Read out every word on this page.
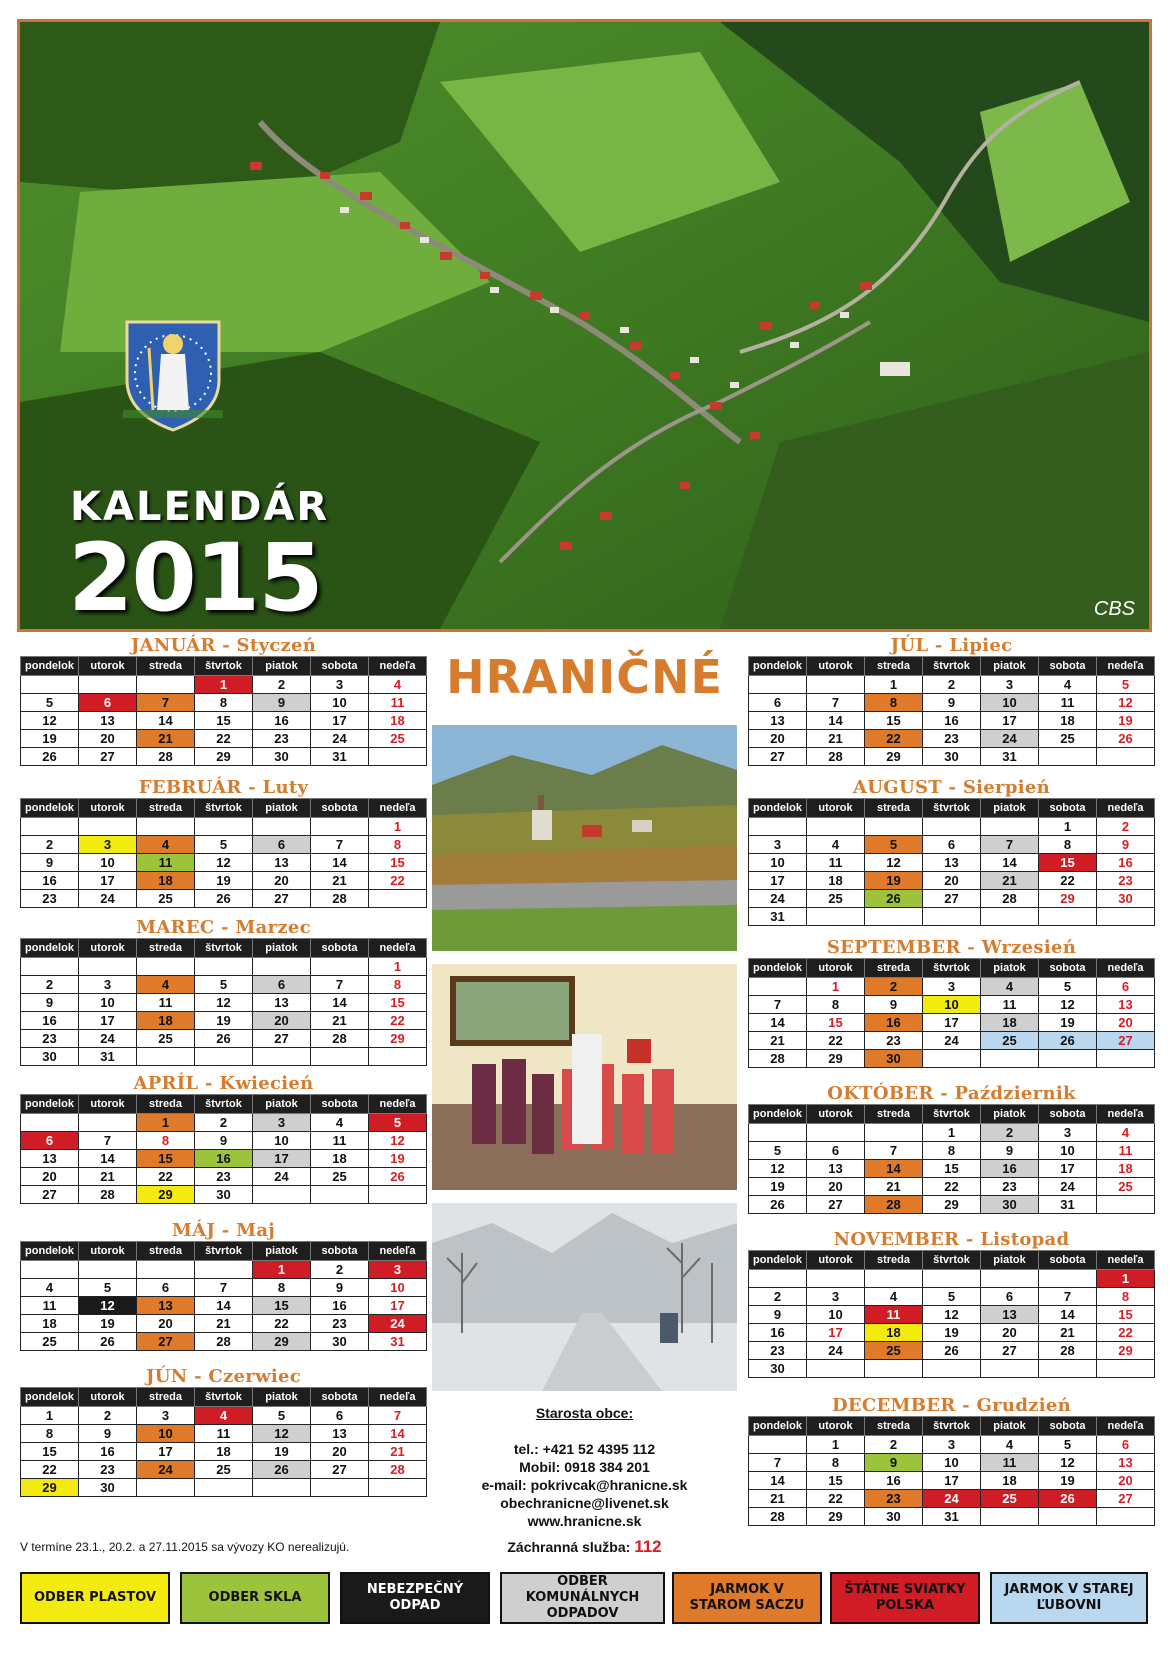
KALENDÁR
2015	CBS
HRANIČNÉ
Starosta obce:
tel.: +421 52 4395 112
Mobil: 0918 384 201
e-mail: pokrivcak@hranicne.sk
obechranicne@livenet.sk
www.hranicne.sk
Záchranná služba: 112
V termíne 23.1., 20.2. a 27.11.2015 sa vývozy KO nerealizujú.
JANUÁR - Styczeń
pondelok	utorok	streda	štvrtok	piatok	sobota	nedeľa
			1	2	3	4
5	6	7	8	9	10	11
12	13	14	15	16	17	18
19	20	21	22	23	24	25
26	27	28	29	30	31	
FEBRUÁR - Luty
pondelok	utorok	streda	štvrtok	piatok	sobota	nedeľa
						1
2	3	4	5	6	7	8
9	10	11	12	13	14	15
16	17	18	19	20	21	22
23	24	25	26	27	28	
MAREC - Marzec
pondelok	utorok	streda	štvrtok	piatok	sobota	nedeľa
						1
2	3	4	5	6	7	8
9	10	11	12	13	14	15
16	17	18	19	20	21	22
23	24	25	26	27	28	29
30	31					
APRÍL - Kwiecień
pondelok	utorok	streda	štvrtok	piatok	sobota	nedeľa
		1	2	3	4	5
6	7	8	9	10	11	12
13	14	15	16	17	18	19
20	21	22	23	24	25	26
27	28	29	30			
MÁJ - Maj
pondelok	utorok	streda	štvrtok	piatok	sobota	nedeľa
				1	2	3
4	5	6	7	8	9	10
11	12	13	14	15	16	17
18	19	20	21	22	23	24
25	26	27	28	29	30	31
JÚN - Czerwiec
pondelok	utorok	streda	štvrtok	piatok	sobota	nedeľa
1	2	3	4	5	6	7
8	9	10	11	12	13	14
15	16	17	18	19	20	21
22	23	24	25	26	27	28
29	30					
JÚL - Lipiec
pondelok	utorok	streda	štvrtok	piatok	sobota	nedeľa
		1	2	3	4	5
6	7	8	9	10	11	12
13	14	15	16	17	18	19
20	21	22	23	24	25	26
27	28	29	30	31		
AUGUST - Sierpień
pondelok	utorok	streda	štvrtok	piatok	sobota	nedeľa
					1	2
3	4	5	6	7	8	9
10	11	12	13	14	15	16
17	18	19	20	21	22	23
24	25	26	27	28	29	30
31						
SEPTEMBER - Wrzesień
pondelok	utorok	streda	štvrtok	piatok	sobota	nedeľa
	1	2	3	4	5	6
7	8	9	10	11	12	13
14	15	16	17	18	19	20
21	22	23	24	25	26	27
28	29	30				
OKTÓBER - Październik
pondelok	utorok	streda	štvrtok	piatok	sobota	nedeľa
			1	2	3	4
5	6	7	8	9	10	11
12	13	14	15	16	17	18
19	20	21	22	23	24	25
26	27	28	29	30	31	
NOVEMBER - Listopad
pondelok	utorok	streda	štvrtok	piatok	sobota	nedeľa
						1
2	3	4	5	6	7	8
9	10	11	12	13	14	15
16	17	18	19	20	21	22
23	24	25	26	27	28	29
30						
DECEMBER - Grudzień
pondelok	utorok	streda	štvrtok	piatok	sobota	nedeľa
	1	2	3	4	5	6
7	8	9	10	11	12	13
14	15	16	17	18	19	20
21	22	23	24	25	26	27
28	29	30	31			
ODBER PLASTOV	ODBER SKLA
NEBEZPEČNÝ ODPAD
ODBER KOMUNÁLNYCH ODPADOV
JARMOK V STAROM SACZU
ŠTÁTNE SVIATKY POLSKA
JARMOK V STAREJ ĽUBOVNI
